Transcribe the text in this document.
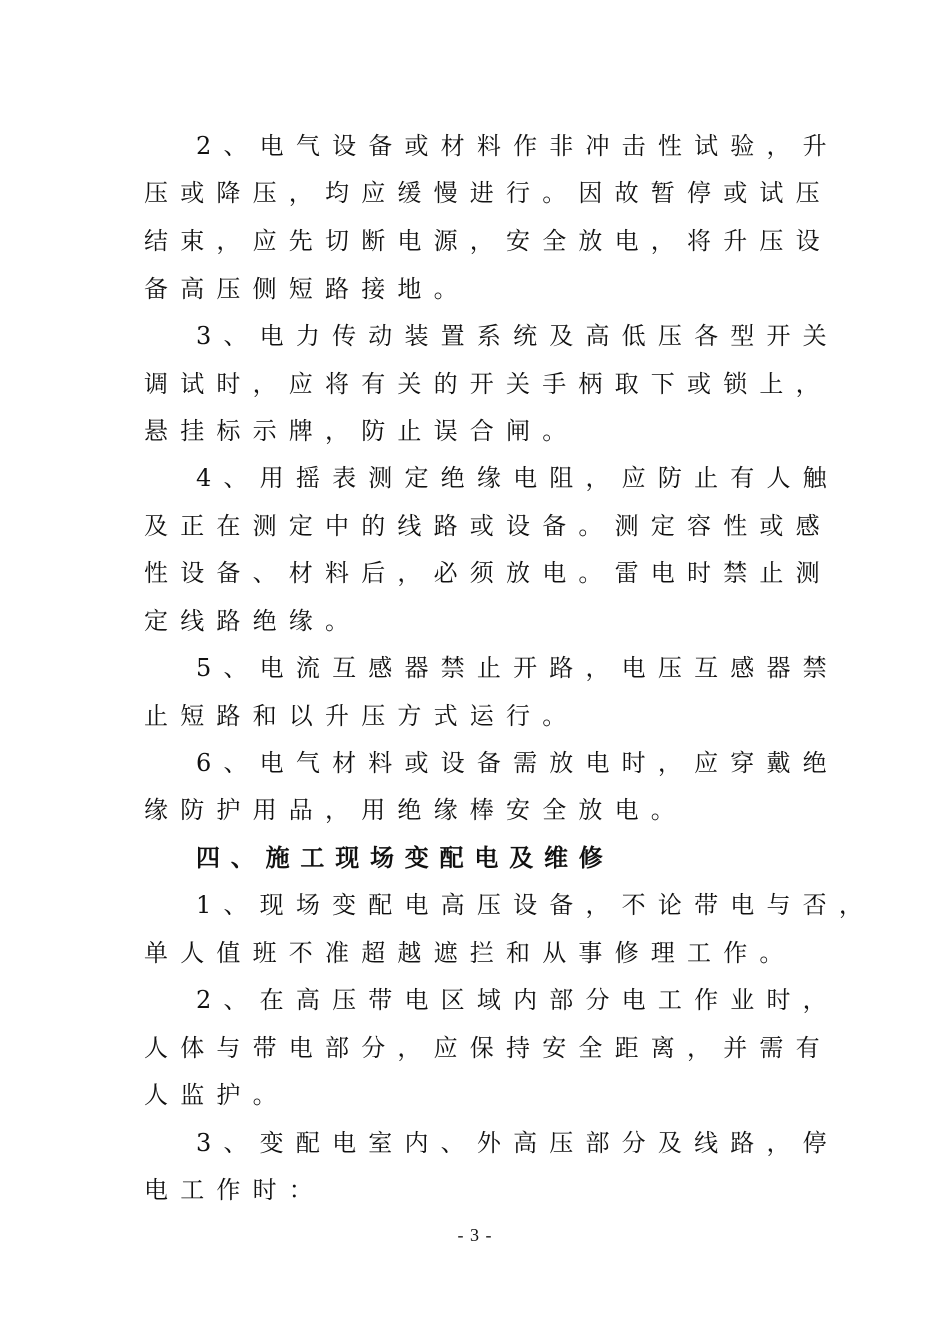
2、电气设备或材料作非冲击性试验，升
压或降压，均应缓慢进行。因故暂停或试压
结束，应先切断电源，安全放电，将升压设
备高压侧短路接地。
3、电力传动装置系统及高低压各型开关
调试时，应将有关的开关手柄取下或锁上，
悬挂标示牌，防止误合闸。
4、用摇表测定绝缘电阻，应防止有人触
及正在测定中的线路或设备。测定容性或感
性设备、材料后，必须放电。雷电时禁止测
定线路绝缘。
5、电流互感器禁止开路，电压互感器禁
止短路和以升压方式运行。
6、电气材料或设备需放电时，应穿戴绝
缘防护用品，用绝缘棒安全放电。
四、施工现场变配电及维修
1、现场变配电高压设备，不论带电与否，
单人值班不准超越遮拦和从事修理工作。
2、在高压带电区域内部分电工作业时，
人体与带电部分，应保持安全距离，并需有
人监护。
3、变配电室内、外高压部分及线路，停
电工作时：
- 3 -
